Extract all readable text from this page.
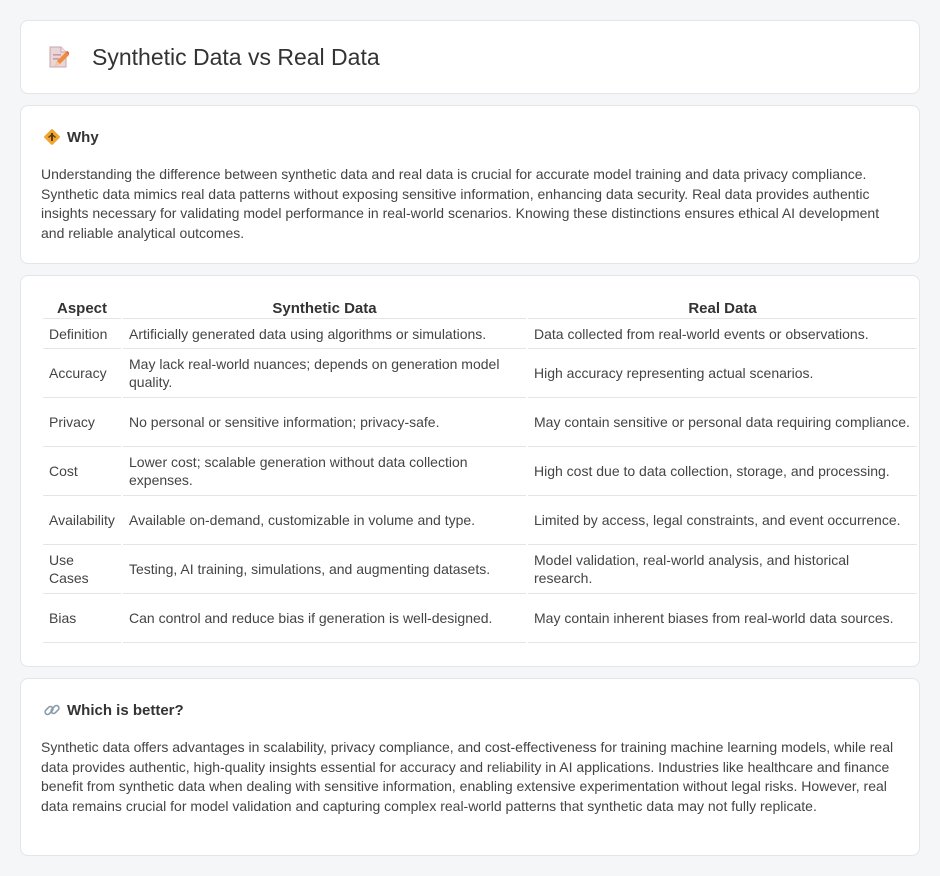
Synthetic Data vs Real Data
Why

Understanding the difference between synthetic data and real data is crucial for accurate model training and data privacy compliance. Synthetic data mimics real data patterns without exposing sensitive information, enhancing data security. Real data provides authentic insights necessary for validating model performance in real-world scenarios. Knowing these distinctions ensures ethical AI development and reliable analytical outcomes.

Aspect	Synthetic Data	Real Data
Definition	Artificially generated data using algorithms or simulations.	Data collected from real-world events or observations.
Accuracy	May lack real-world nuances; depends on generation model quality.	High accuracy representing actual scenarios.
Privacy	No personal or sensitive information; privacy-safe.	May contain sensitive or personal data requiring compliance.
Cost	Lower cost; scalable generation without data collection expenses.	High cost due to data collection, storage, and processing.
Availability	Available on-demand, customizable in volume and type.	Limited by access, legal constraints, and event occurrence.
Use Cases	Testing, AI training, simulations, and augmenting datasets.	Model validation, real-world analysis, and historical research.
Bias	Can control and reduce bias if generation is well-designed.	May contain inherent biases from real-world data sources.
Which is better?

Synthetic data offers advantages in scalability, privacy compliance, and cost-effectiveness for training machine learning models, while real data provides authentic, high-quality insights essential for accuracy and reliability in AI applications. Industries like healthcare and finance benefit from synthetic data when dealing with sensitive information, enabling extensive experimentation without legal risks. However, real data remains crucial for model validation and capturing complex real-world patterns that synthetic data may not fully replicate.
